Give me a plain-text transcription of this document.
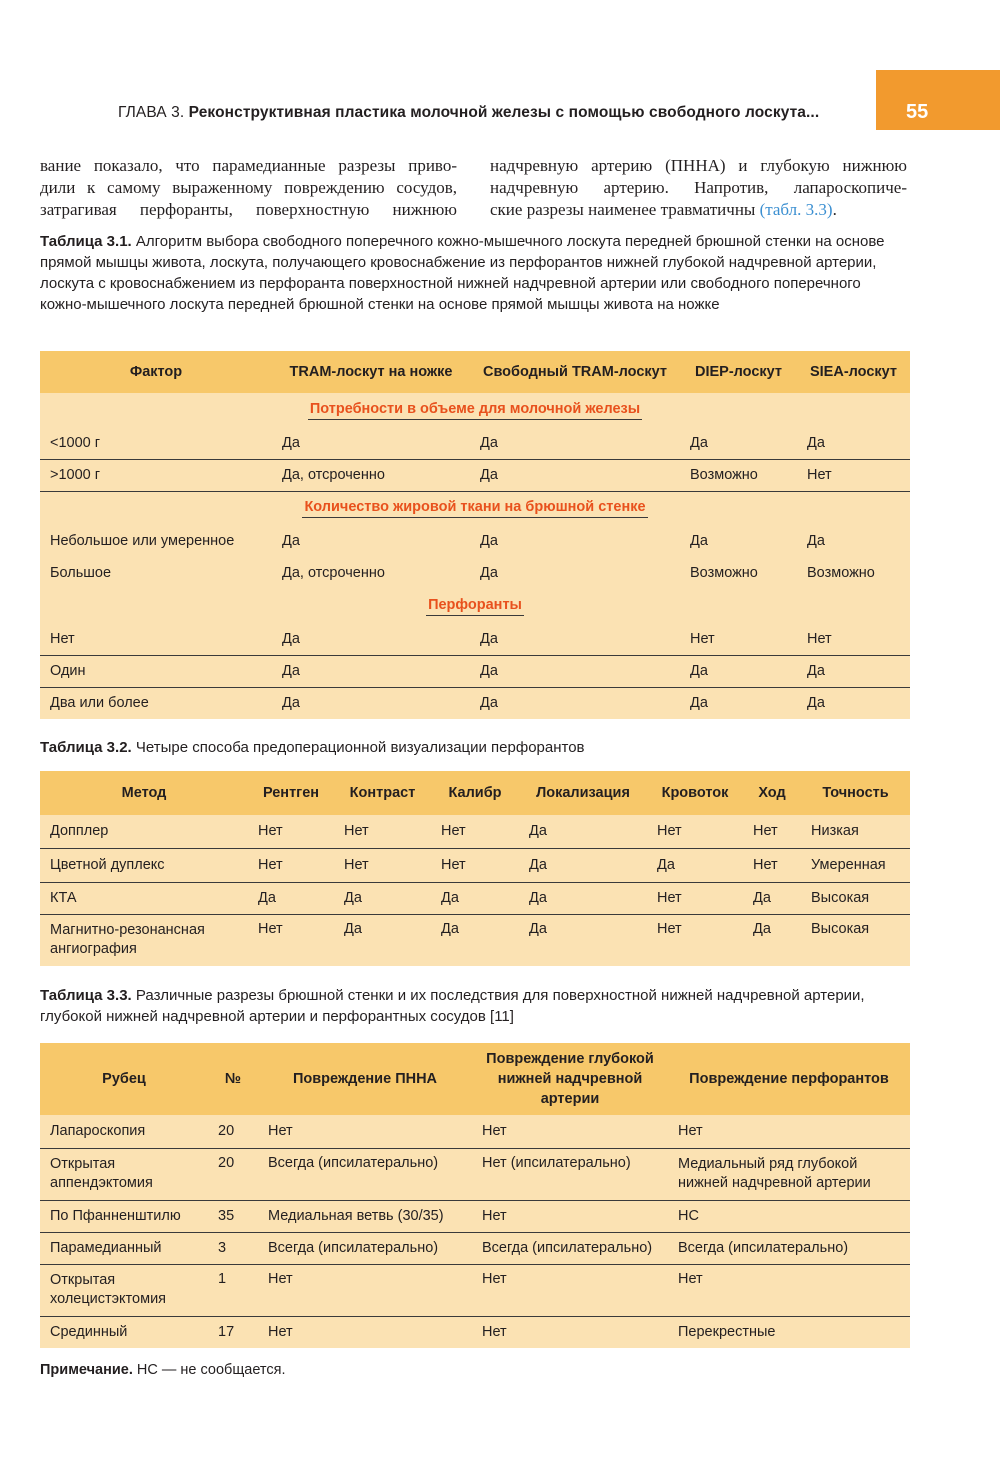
ГЛАВА 3. Реконструктивная пластика молочной железы с помощью свободного лоскута...	55
вание показало, что парамедианные разрезы приво-
дили к самому выраженному повреждению сосудов,
затрагивая перфоранты, поверхностную нижнюю
надчревную артерию (ПННА) и глубокую нижнюю
надчревную артерию. Напротив, лапароскопиче-
ские разрезы наименее травматичны (табл. 3.3).
Таблица 3.1. Алгоритм выбора свободного поперечного кожно-мышечного лоскута передней брюшной стенки на основе прямой мышцы живота, лоскута, получающего кровоснабжение из перфорантов нижней глубокой надчревной артерии, лоскута с кровоснабжением из перфоранта поверхностной нижней надчревной артерии или свободного поперечного кожно-мышечного лоскута передней брюшной стенки на основе прямой мышцы живота на ножке
Фактор	TRAM-лоскут на ножке	Свободный TRAM-лоскут	DIEP-лоскут	SIEA-лоскут
Потребности в объеме для молочной железы				
<1000 г	Да	Да	Да	Да
>1000 г	Да, отсроченно	Да	Возможно	Нет
Количество жировой ткани на брюшной стенке				
Небольшое или умеренное	Да	Да	Да	Да
Большое	Да, отсроченно	Да	Возможно	Возможно
Перфоранты				
Нет	Да	Да	Нет	Нет
Один	Да	Да	Да	Да
Два или более	Да	Да	Да	Да
Таблица 3.2. Четыре способа предоперационной визуализации перфорантов
Метод	Рентген	Контраст	Калибр	Локализация	Кровоток	Ход	Точность
Допплер	Нет	Нет	Нет	Да	Нет	Нет	Низкая
Цветной дуплекс	Нет	Нет	Нет	Да	Да	Нет	Умеренная
КТА	Да	Да	Да	Да	Нет	Да	Высокая
Магнитно-резонансная ангиография	Нет	Да	Да	Да	Нет	Да	Высокая
Таблица 3.3. Различные разрезы брюшной стенки и их последствия для поверхностной нижней надчревной артерии, глубокой нижней надчревной артерии и перфорантных сосудов [11]
Рубец	№	Повреждение ПННА	Повреждение глубокой нижней надчревной артерии	Повреждение перфорантов
Лапароскопия	20	Нет	Нет	Нет
Открытая аппендэктомия	20	Всегда (ипсилатерально)	Нет (ипсилатерально)	Медиальный ряд глубокой нижней надчревной артерии
По Пфанненштилю	35	Медиальная ветвь (30/35)	Нет	НС
Парамедианный	3	Всегда (ипсилатерально)	Всегда (ипсилатерально)	Всегда (ипсилатерально)
Открытая холецистэктомия	1	Нет	Нет	Нет
Срединный	17	Нет	Нет	Перекрестные
Примечание. НС — не сообщается.
